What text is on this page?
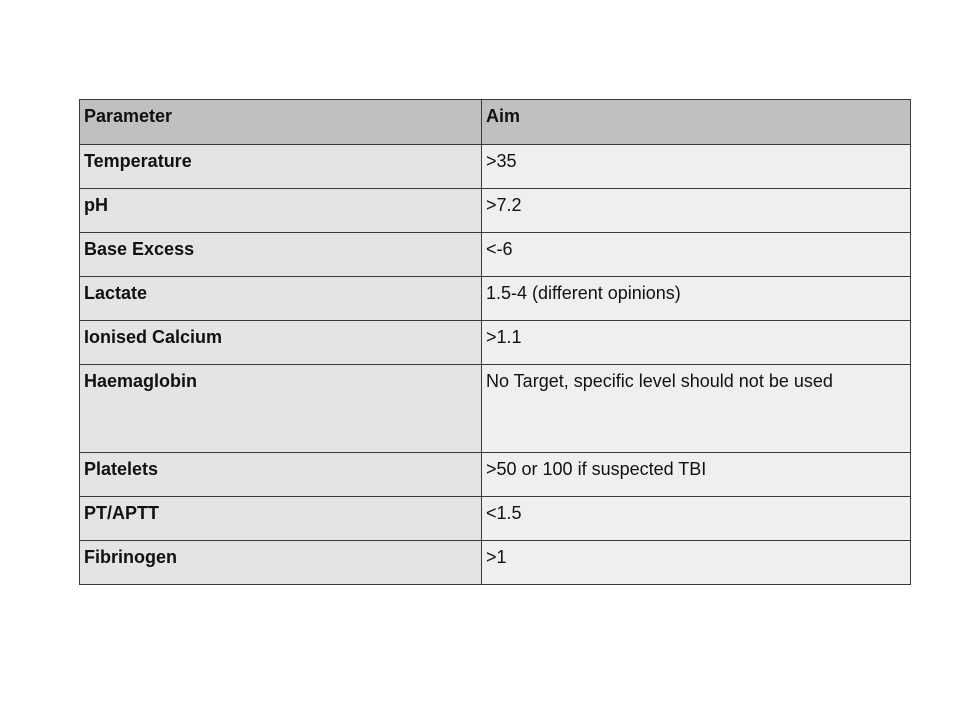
Parameter	Aim
Temperature	>35
pH	>7.2
Base Excess	<-6
Lactate	1.5-4 (different opinions)
Ionised Calcium	>1.1
Haemaglobin	No Target, specific level should not be used
Platelets	>50 or 100 if suspected TBI
PT/APTT	<1.5
Fibrinogen	>1
